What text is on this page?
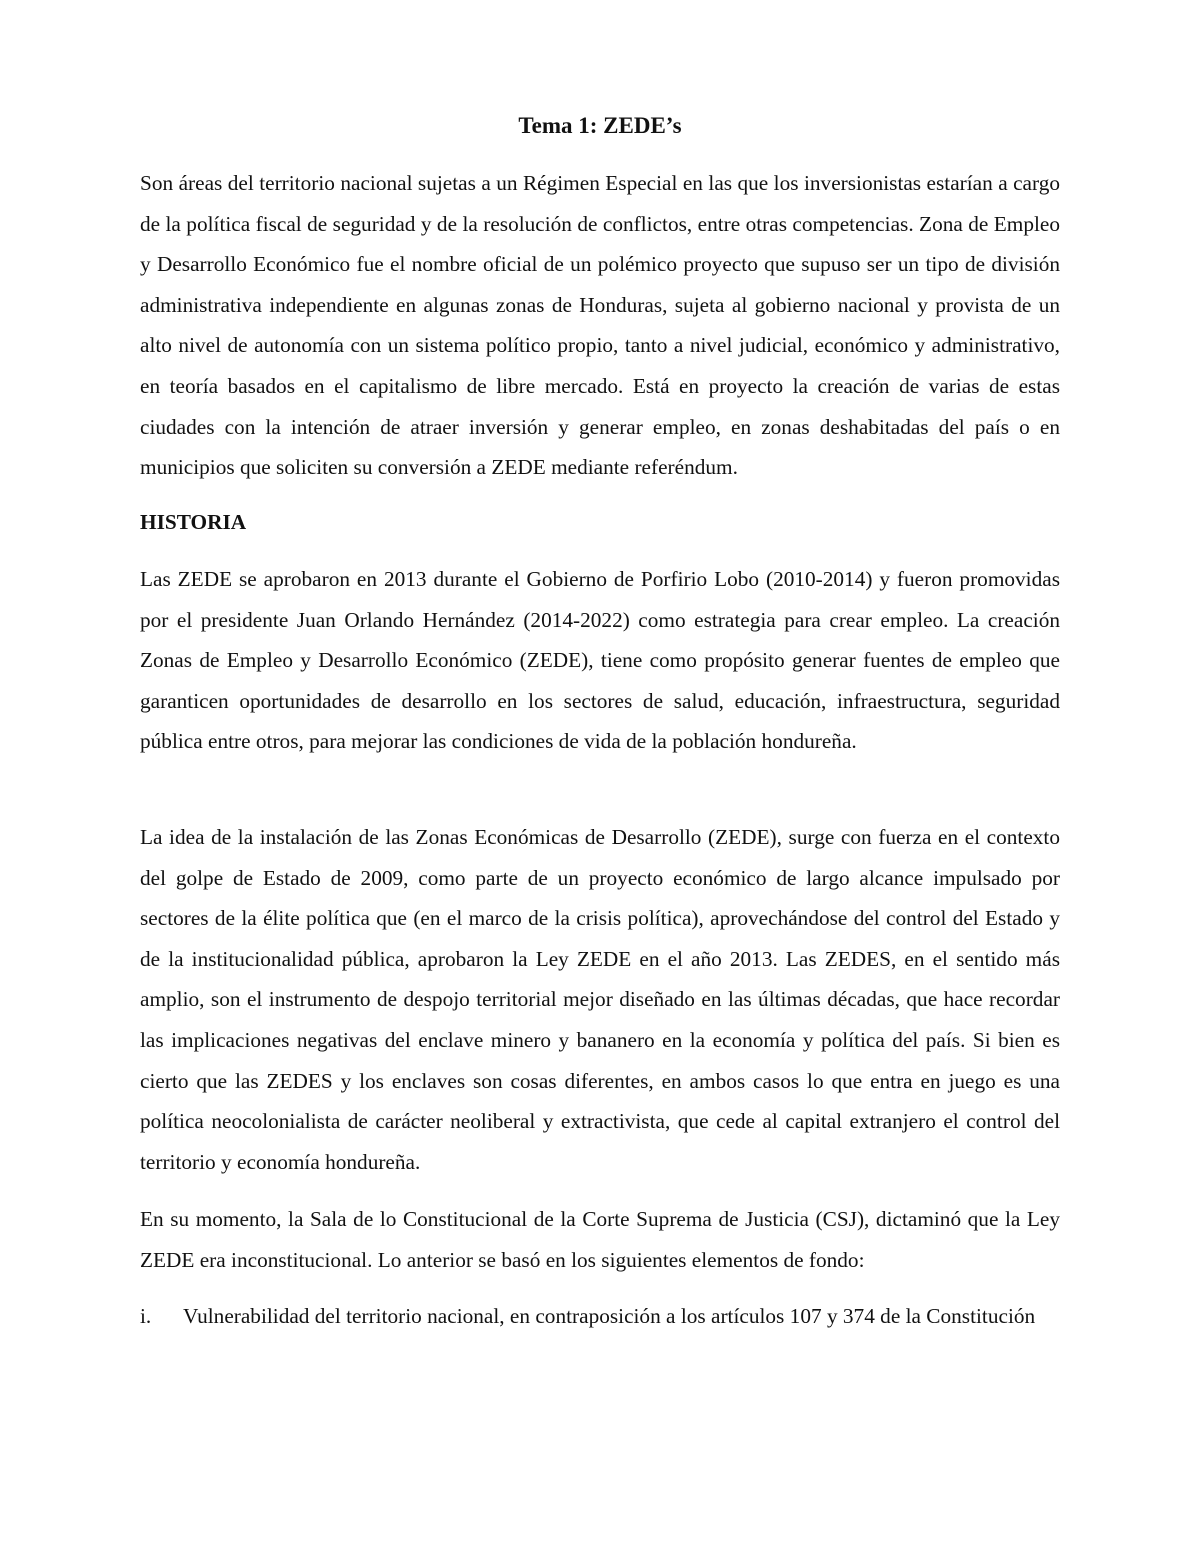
Tema 1: ZEDE’s

Son áreas del territorio nacional sujetas a un Régimen Especial en las que los inversionistas estarían a cargo de la política fiscal de seguridad y de la resolución de conflictos, entre otras competencias. Zona de Empleo y Desarrollo Económico fue el nombre oficial de un polémico proyecto que supuso ser un tipo de división administrativa independiente en algunas zonas de Honduras, sujeta al gobierno nacional y provista de un alto nivel de autonomía con un sistema político propio, tanto a nivel judicial, económico y administrativo, en teoría basados en el capitalismo de libre mercado. Está en proyecto la creación de varias de estas ciudades con la intención de atraer inversión y generar empleo, en zonas deshabitadas del país o en municipios que soliciten su conversión a ZEDE mediante referéndum.

HISTORIA

Las ZEDE se aprobaron en 2013 durante el Gobierno de Porfirio Lobo (2010-2014) y fueron promovidas por el presidente Juan Orlando Hernández (2014-2022) como estrategia para crear empleo. La creación Zonas de Empleo y Desarrollo Económico (ZEDE), tiene como propósito generar fuentes de empleo que garanticen oportunidades de desarrollo en los sectores de salud, educación, infraestructura, seguridad pública entre otros, para mejorar las condiciones de vida de la población hondureña.

La idea de la instalación de las Zonas Económicas de Desarrollo (ZEDE), surge con fuerza en el contexto del golpe de Estado de 2009, como parte de un proyecto económico de largo alcance impulsado por sectores de la élite política que (en el marco de la crisis política), aprovechándose del control del Estado y de la institucionalidad pública, aprobaron la Ley ZEDE en el año 2013. Las ZEDES, en el sentido más amplio, son el instrumento de despojo territorial mejor diseñado en las últimas décadas, que hace recordar las implicaciones negativas del enclave minero y bananero en la economía y política del país. Si bien es cierto que las ZEDES y los enclaves son cosas diferentes, en ambos casos lo que entra en juego es una política neocolonialista de carácter neoliberal y extractivista, que cede al capital extranjero el control del territorio y economía hondureña.

En su momento, la Sala de lo Constitucional de la Corte Suprema de Justicia (CSJ), dictaminó que la Ley ZEDE era inconstitucional. Lo anterior se basó en los siguientes elementos de fondo:

i. Vulnerabilidad del territorio nacional, en contraposición a los artículos 107 y 374 de la Constitución
